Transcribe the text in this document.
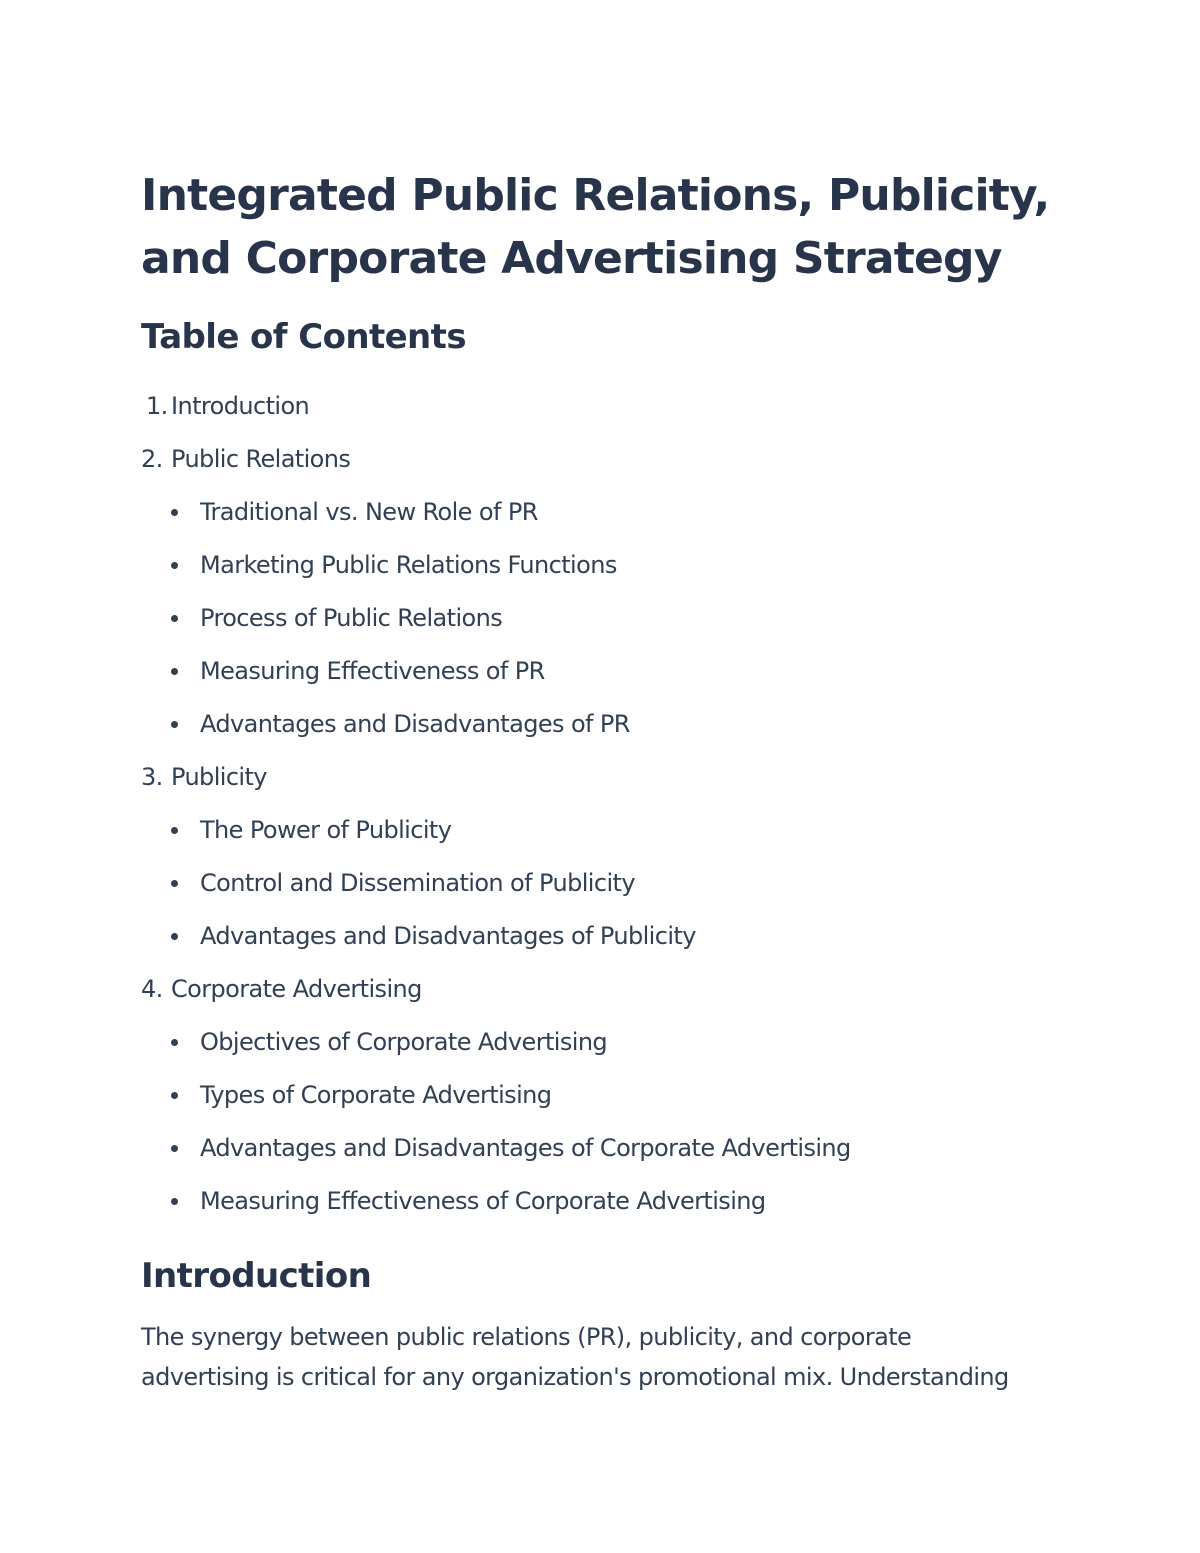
Integrated Public Relations, Publicity,
and Corporate Advertising Strategy
Table of Contents
1. Introduction
2. Public Relations
Traditional vs. New Role of PR
Marketing Public Relations Functions
Process of Public Relations
Measuring Effectiveness of PR
Advantages and Disadvantages of PR
3. Publicity
The Power of Publicity
Control and Dissemination of Publicity
Advantages and Disadvantages of Publicity
4. Corporate Advertising
Objectives of Corporate Advertising
Types of Corporate Advertising
Advantages and Disadvantages of Corporate Advertising
Measuring Effectiveness of Corporate Advertising
Introduction

The synergy between public relations (PR), publicity, and corporate
advertising is critical for any organization's promotional mix. Understanding
